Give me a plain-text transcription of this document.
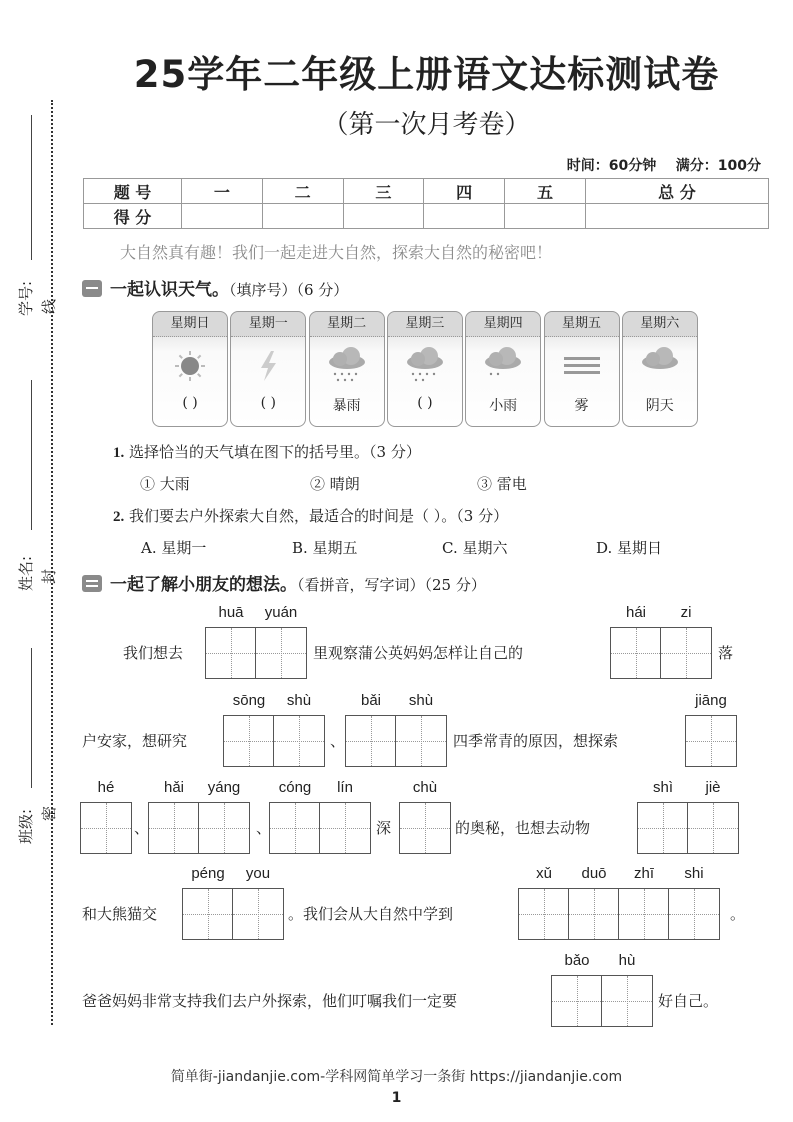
学号:
姓名:
班级:
线
封
密
25学年二年级上册语文达标测试卷
（第一次月考卷）
时间：60分钟 满分：100分
题 号	一	二	三	四	五	总 分
得 分						
大自然真有趣！我们一起走进大自然，探索大自然的秘密吧！
一起认识天气。（填序号）（6 分）
星期日
( )
星期一
( )
星期二
暴雨
星期三
( )
星期四
小雨
星期五
雾
星期六
阴天
1. 选择恰当的天气填在图下的括号里。（3 分）
① 大雨	② 晴朗	③ 雷电
2. 我们要去户外探索大自然，最适合的时间是（ ）。（3 分）
A. 星期一	B. 星期五	C. 星期六	D. 星期日
一起了解小朋友的想法。（看拼音，写字词）（25 分）
我们想去
huā	yuán
里观察蒲公英妈妈怎样让自己的
hái	zi
落
户安家，想研究
sōng	shù
、
bǎi	shù
四季常青的原因，想探索
jiāng
hé
、
hǎi	yáng
、
cóng	lín
深
chù
的奥秘，也想去动物
shì	jiè
和大熊猫交
péng	you
。我们会从大自然中学到
xǔ	duō	zhī	shi
。
爸爸妈妈非常支持我们去户外探索，他们叮嘱我们一定要
bǎo	hù
好自己。
简单街-jiandanjie.com-学科网简单学习一条街 https://jiandanjie.com
1
